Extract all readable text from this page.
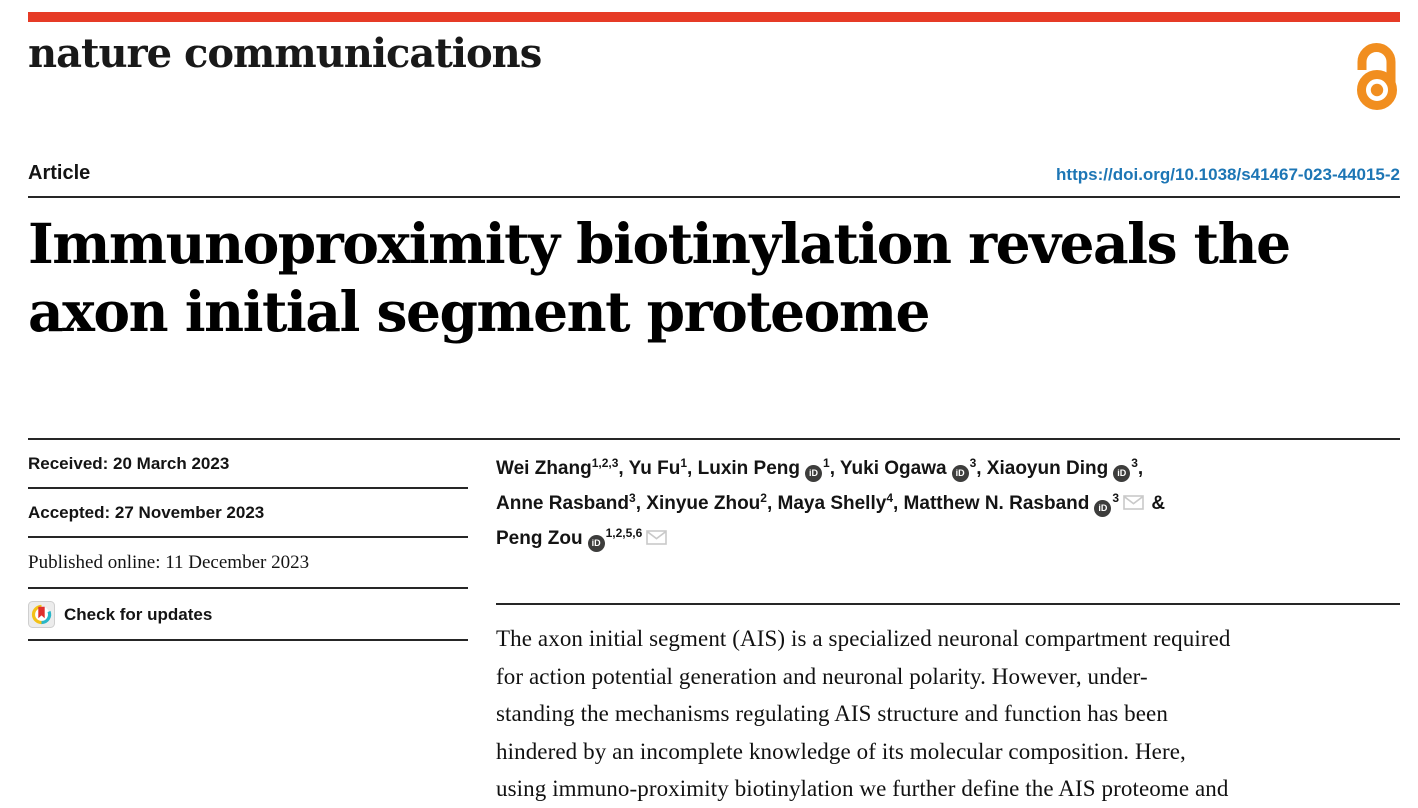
nature communications
Article	https://doi.org/10.1038/s41467-023-44015-2
Immunoproximity biotinylation reveals the
axon initial segment proteome
Received: 20 March 2023
Accepted: 27 November 2023
Published online: 11 December 2023
Check for updates
Wei Zhang$^{1,2,3}$, Yu Fu$^1$, Luxin Peng $iD^1$, Yuki Ogawa $iD^3$, Xiaoyun Ding $iD^3$,
Anne Rasband$^3$, Xinyue Zhou$^2$, Maya Shelly$^4$, Matthew N. Rasband $iD^3$ &
Peng Zou iD$^{1,2,5,6}$
The axon initial segment (AIS) is a specialized neuronal compartment required
for action potential generation and neuronal polarity. However, under-
standing the mechanisms regulating AIS structure and function has been
hindered by an incomplete knowledge of its molecular composition. Here,
using immuno-proximity biotinylation we further define the AIS proteome and
